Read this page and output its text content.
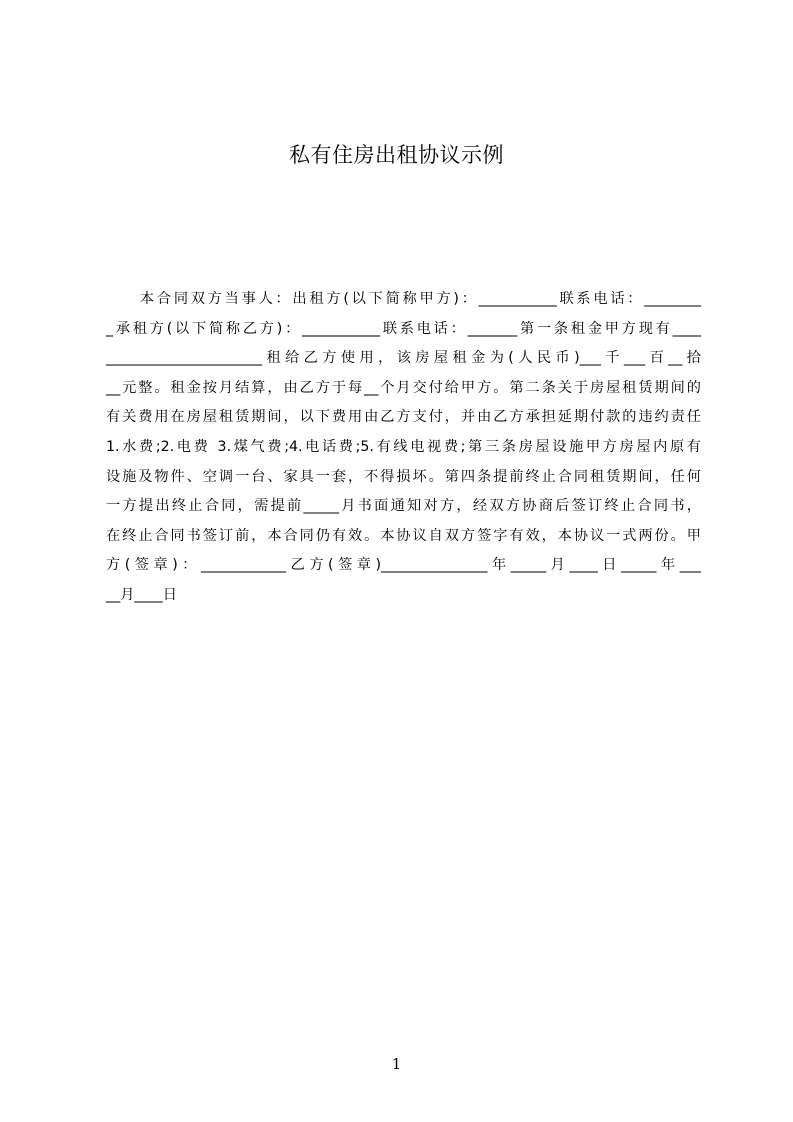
私有住房出租协议示例
　　本合同双方当事人：出租方(以下简称甲方)：___________联系电话：________
_承租方(以下简称乙方)：___________联系电话：_______第一条租金甲方现有____
______________________租给乙方使用，该房屋租金为(人民币)___千___百__拾
__元整。租金按月结算，由乙方于每__个月交付给甲方。第二条关于房屋租赁期间的
有关费用在房屋租赁期间，以下费用由乙方支付，并由乙方承担延期付款的违约责任
1.水费;2.电费 3.煤气费;4.电话费;5.有线电视费;第三条房屋设施甲方房屋内原有
设施及物件、空调一台、家具一套，不得损坏。第四条提前终止合同租赁期间，任何
一方提出终止合同，需提前_____月书面通知对方，经双方协商后签订终止合同书，
在终止合同书签订前，本合同仍有效。本协议自双方签字有效，本协议一式两份。甲
方(签章)：____________乙方(签章)_______________年_____月____日_____年___
__月____日
1
